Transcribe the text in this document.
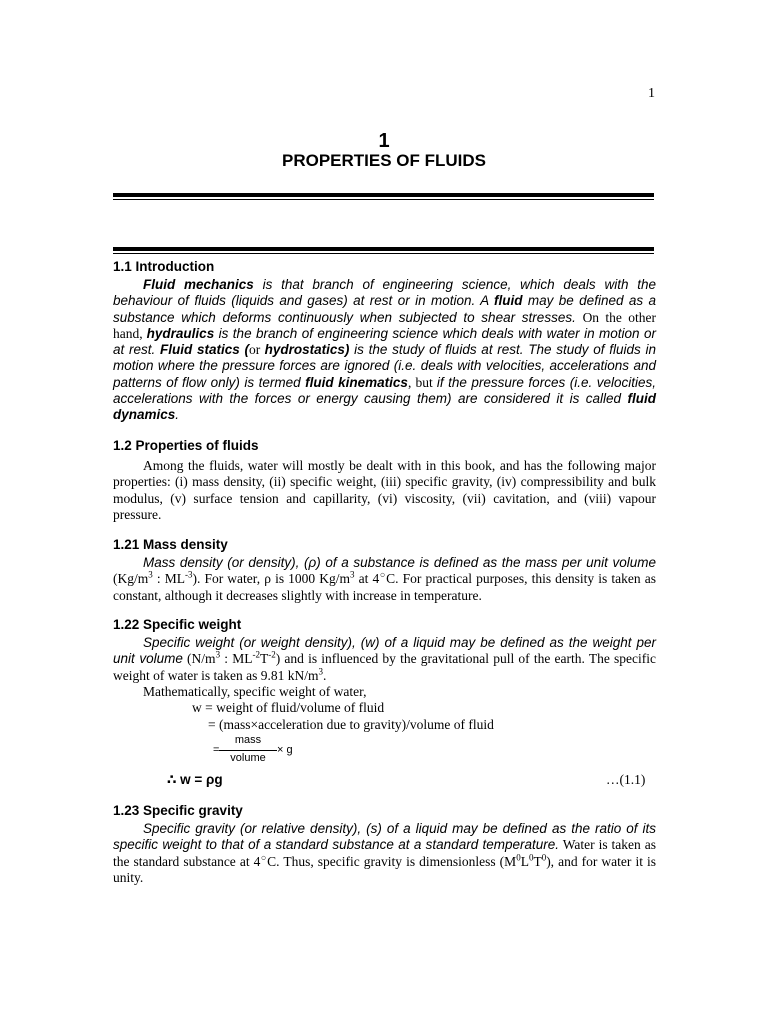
1
1
PROPERTIES OF FLUIDS
1.1 Introduction
Fluid mechanics is that branch of engineering science, which deals with the behaviour of fluids (liquids and gases) at rest or in motion. A fluid may be defined as a substance which deforms continuously when subjected to shear stresses. On the other hand, hydraulics is the branch of engineering science which deals with water in motion or at rest. Fluid statics (or hydrostatics) is the study of fluids at rest. The study of fluids in motion where the pressure forces are ignored (i.e. deals with velocities, accelerations and patterns of flow only) is termed fluid kinematics, but if the pressure forces (i.e. velocities, accelerations with the forces or energy causing them) are considered it is called fluid dynamics.
1.2 Properties of fluids
Among the fluids, water will mostly be dealt with in this book, and has the following major properties: (i) mass density, (ii) specific weight, (iii) specific gravity, (iv) compressibility and bulk modulus, (v) surface tension and capillarity, (vi) viscosity, (vii) cavitation, and (viii) vapour pressure.
1.21 Mass density
Mass density (or density), (ρ) of a substance is defined as the mass per unit volume ($Kg/m^3$ : $ML^{-3}$). For water, ρ is 1000 $Kg/m^3$ at 4○C. For practical purposes, this density is taken as constant, although it decreases slightly with increase in temperature.
1.22 Specific weight
Specific weight (or weight density), (w) of a liquid may be defined as the weight per unit volume ($N/m^3$ : $ML^{-2}T^{-2}$) and is influenced by the gravitational pull of the earth. The specific weight of water is taken as 9.81 $kN/m^3$.
Mathematically, specific weight of water,
w = weight of fluid/volume of fluid
= (mass×acceleration due to gravity)/volume of fluid
=
mass
volume
× g
∴ w = ρg	…(1.1)
1.23 Specific gravity
Specific gravity (or relative density), (s) of a liquid may be defined as the ratio of its specific weight to that of a standard substance at a standard temperature. Water is taken as the standard substance at 4○C. Thus, specific gravity is dimensionless $(M^0L^0T^0)$, and for water it is unity.
